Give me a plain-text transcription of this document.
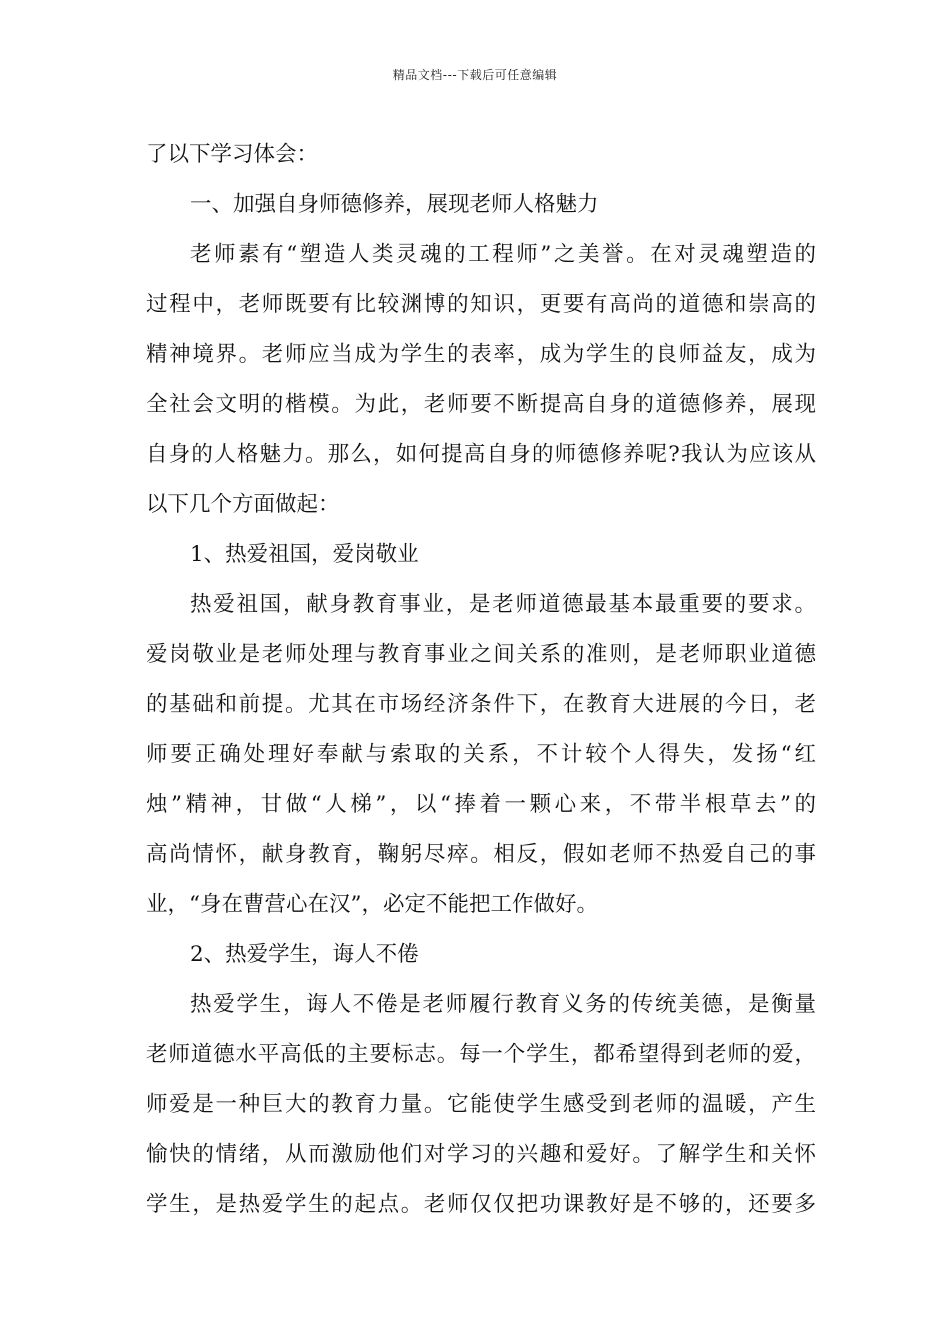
精品文档---下载后可任意编辑
了以下学习体会：
一、加强自身师德修养，展现老师人格魅力
老师素有“塑造人类灵魂的工程师”之美誉。在对灵魂塑造的
过程中，老师既要有比较渊博的知识，更要有高尚的道德和崇高的
精神境界。老师应当成为学生的表率，成为学生的良师益友，成为
全社会文明的楷模。为此，老师要不断提高自身的道德修养，展现
自身的人格魅力。那么，如何提高自身的师德修养呢?我认为应该从
以下几个方面做起：
1、热爱祖国，爱岗敬业
热爱祖国，献身教育事业，是老师道德最基本最重要的要求。
爱岗敬业是老师处理与教育事业之间关系的准则，是老师职业道德
的基础和前提。尤其在市场经济条件下，在教育大进展的今日，老
师要正确处理好奉献与索取的关系，不计较个人得失，发扬“红
烛”精神，甘做“人梯”，以“捧着一颗心来，不带半根草去”的
高尚情怀，献身教育，鞠躬尽瘁。相反，假如老师不热爱自己的事
业，“身在曹营心在汉”，必定不能把工作做好。
2、热爱学生，诲人不倦
热爱学生，诲人不倦是老师履行教育义务的传统美德，是衡量
老师道德水平高低的主要标志。每一个学生，都希望得到老师的爱，
师爱是一种巨大的教育力量。它能使学生感受到老师的温暖，产生
愉快的情绪，从而激励他们对学习的兴趣和爱好。了解学生和关怀
学生，是热爱学生的起点。老师仅仅把功课教好是不够的，还要多
